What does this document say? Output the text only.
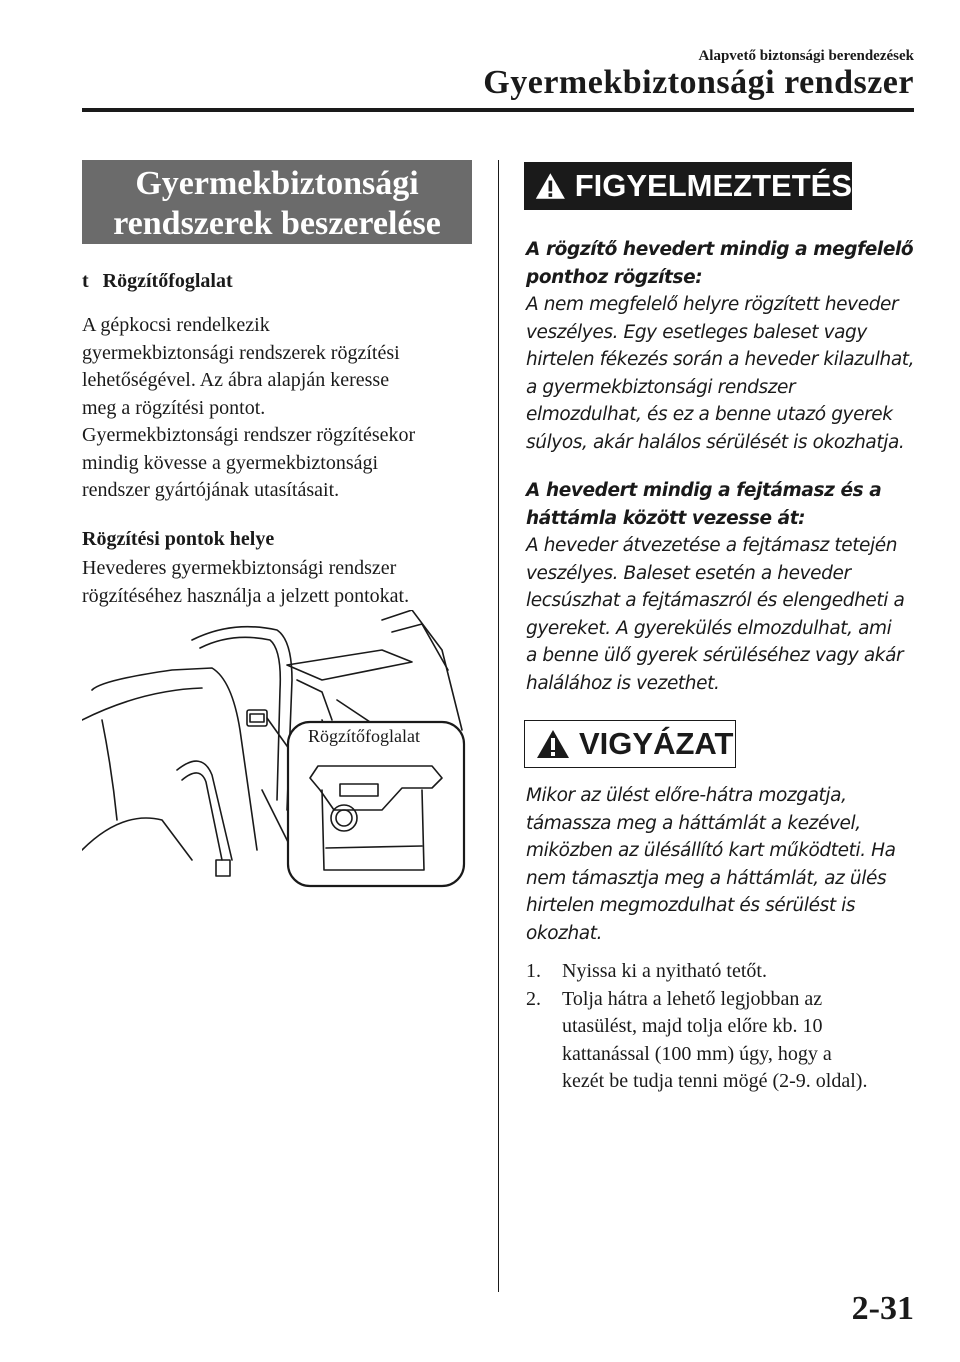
Alapvető biztonsági berendezések
Gyermekbiztonsági rendszer
Gyermekbiztonsági
rendszerek beszerelése
t Rögzítőfoglalat
A gépkocsi rendelkezik
gyermekbiztonsági rendszerek rögzítési
lehetőségével. Az ábra alapján keresse
meg a rögzítési pontot.
Gyermekbiztonsági rendszer rögzítésekor
mindig kövesse a gyermekbiztonsági
rendszer gyártójának utasításait.
Rögzítési pontok helye
Hevederes gyermekbiztonsági rendszer
rögzítéséhez használja a jelzett pontokat.
Rögzítőfoglalat
FIGYELMEZTETÉS
A rögzítő hevedert mindig a megfelelő
ponthoz rögzítse:
A nem megfelelő helyre rögzített heveder
veszélyes. Egy esetleges baleset vagy
hirtelen fékezés során a heveder kilazulhat,
a gyermekbiztonsági rendszer
elmozdulhat, és ez a benne utazó gyerek
súlyos, akár halálos sérülését is okozhatja.
A hevedert mindig a fejtámasz és a
háttámla között vezesse át:
A heveder átvezetése a fejtámasz tetején
veszélyes. Baleset esetén a heveder
lecsúszhat a fejtámaszról és elengedheti a
gyereket. A gyerekülés elmozdulhat, ami
a benne ülő gyerek sérüléséhez vagy akár
halálához is vezethet.
VIGYÁZAT
Mikor az ülést előre-hátra mozgatja,
támassza meg a háttámlát a kezével,
miközben az ülésállító kart működteti. Ha
nem támasztja meg a háttámlát, az ülés
hirtelen megmozdulhat és sérülést is
okozhat.
1.	Nyissa ki a nyitható tetőt.
2.	Tolja hátra a lehető legjobban az
utasülést, majd tolja előre kb. 10
kattanással (100 mm) úgy, hogy a
kezét be tudja tenni mögé (2-9. oldal).
2-31
